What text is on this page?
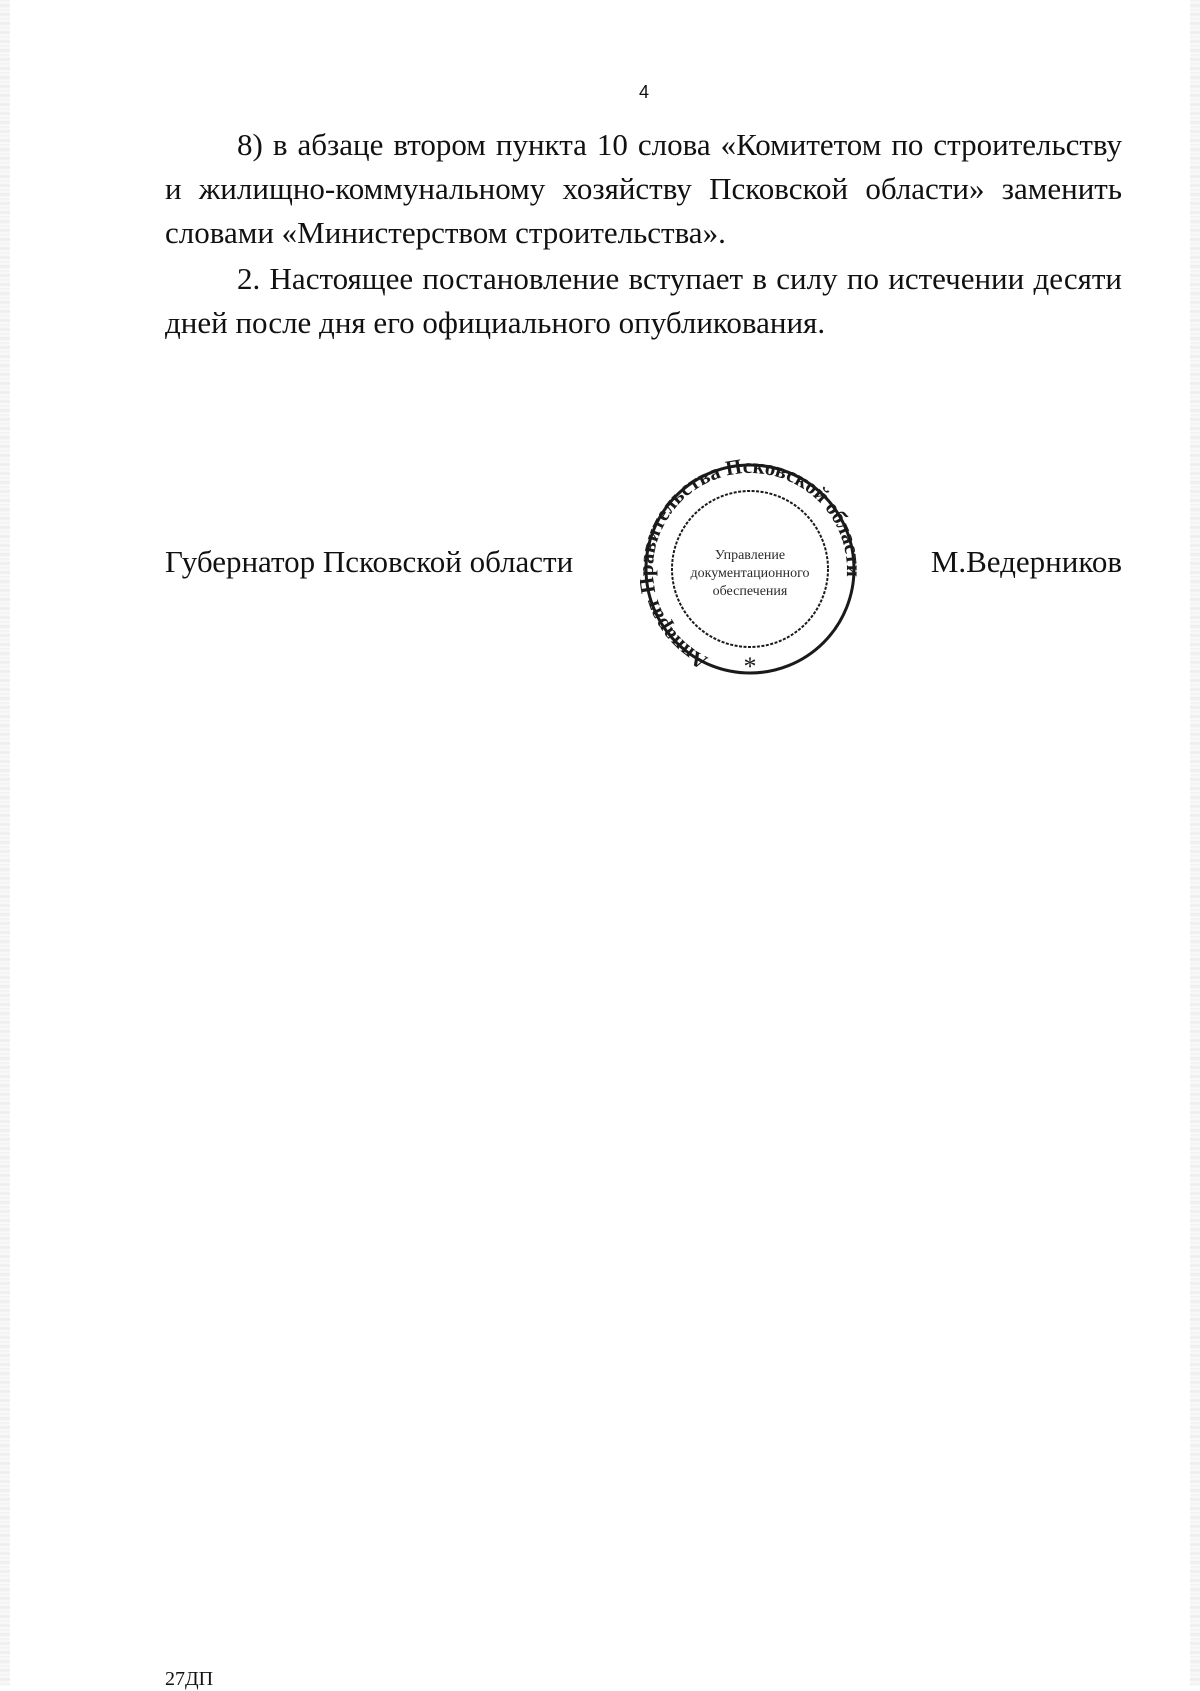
4

8) в абзаце втором пункта 10 слова «Комитетом по строительству и жилищно-коммунальному хозяйству Псковской области» заменить словами «Министерством строительства».

2. Настоящее постановление вступает в силу по истечении десяти дней после дня его официального опубликования.

Губернатор Псковской области	М.Ведерников
Аппарат ительства Псковской обла
Управление
документационного
обеспечения
*
27ДП
